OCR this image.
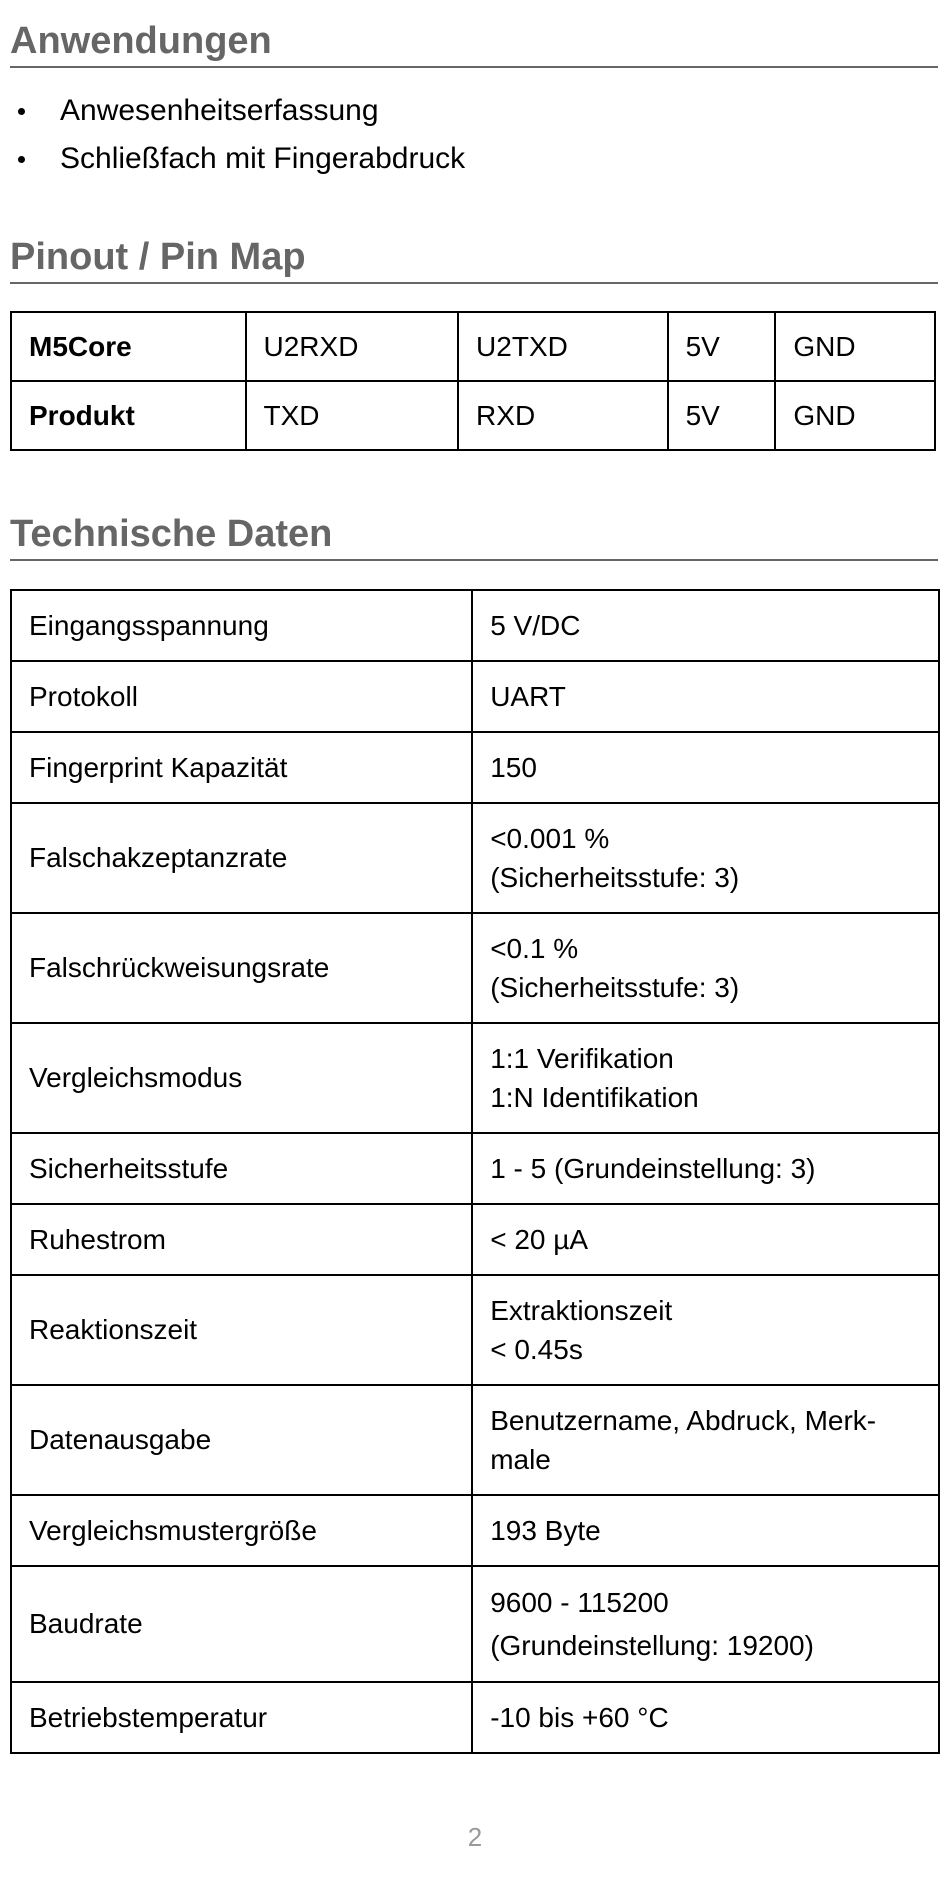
Anwendungen
Anwesenheitserfassung
Schließfach mit Fingerabdruck
Pinout / Pin Map
M5Core	U2RXD	U2TXD	5V	GND
Produkt	TXD	RXD	5V	GND
Technische Daten
Eingangsspannung	5 V/DC

Protokoll	UART

Fingerprint Kapazität	150

Falschakzeptanzrate	<0.001 %
(Sicherheitsstufe: 3)

Falschrückweisungsrate	<0.1 %
(Sicherheitsstufe: 3)

Vergleichsmodus	1:1 Verifikation
1:N Identifikation

Sicherheitsstufe	1 - 5 (Grundeinstellung: 3)

Ruhestrom	< 20 µA

Reaktionszeit	Extraktionszeit
< 0.45s

Datenausgabe	Benutzername, Abdruck, Merk-
male

Vergleichsmustergröße	193 Byte

Baudrate	9600 - 115200
(Grundeinstellung: 19200)

Betriebstemperatur	-10 bis +60 °C
2
